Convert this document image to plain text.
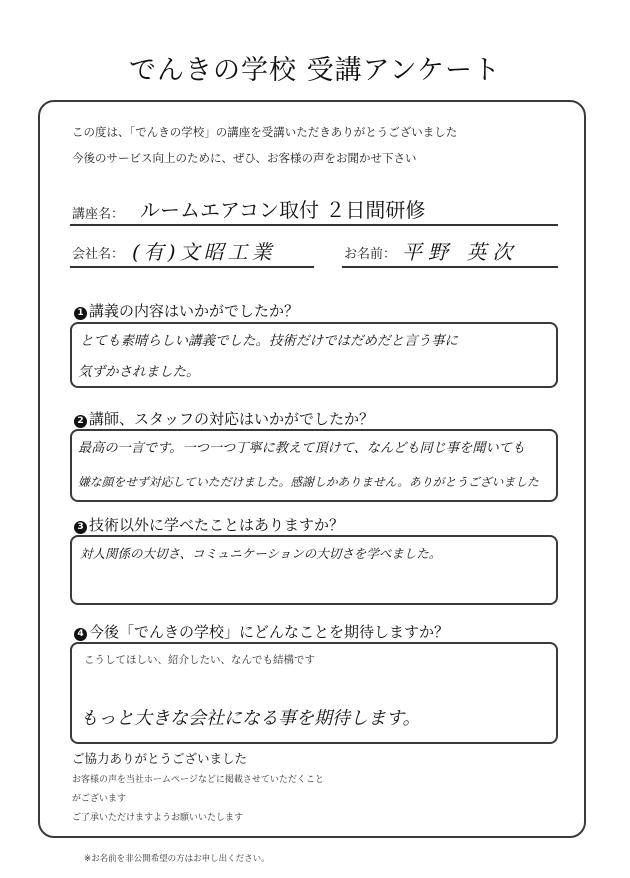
でんきの学校 受講アンケート
この度は、「でんきの学校」の講座を受講いただきありがとうございました
今後のサービス向上のために、ぜひ、お客様の声をお聞かせ下さい
講座名： ルームエアコン取付 ２日間研修
会社名： (有)文昭工業	お名前： 平野 英次
1 講義の内容はいかがでしたか？
とても素晴らしい講義でした。技術だけではだめだと言う事に
気ずかされました。
2 講師、スタッフの対応はいかがでしたか？
最高の一言です。一つ一つ丁寧に教えて頂けて、なんども同じ事を聞いても
嫌な顔をせず対応していただけました。感謝しかありません。ありがとうございました
3 技術以外に学べたことはありますか？
対人関係の大切さ、コミュニケーションの大切さを学べました。
4 今後「でんきの学校」にどんなことを期待しますか？
こうしてほしい、紹介したい、なんでも結構です
もっと大きな会社になる事を期待します。
ご協力ありがとうございました
お客様の声を当社ホームページなどに掲載させていただくこと
がございます
ご了承いただけますようお願いいたします
※お名前を非公開希望の方はお申し出ください。
